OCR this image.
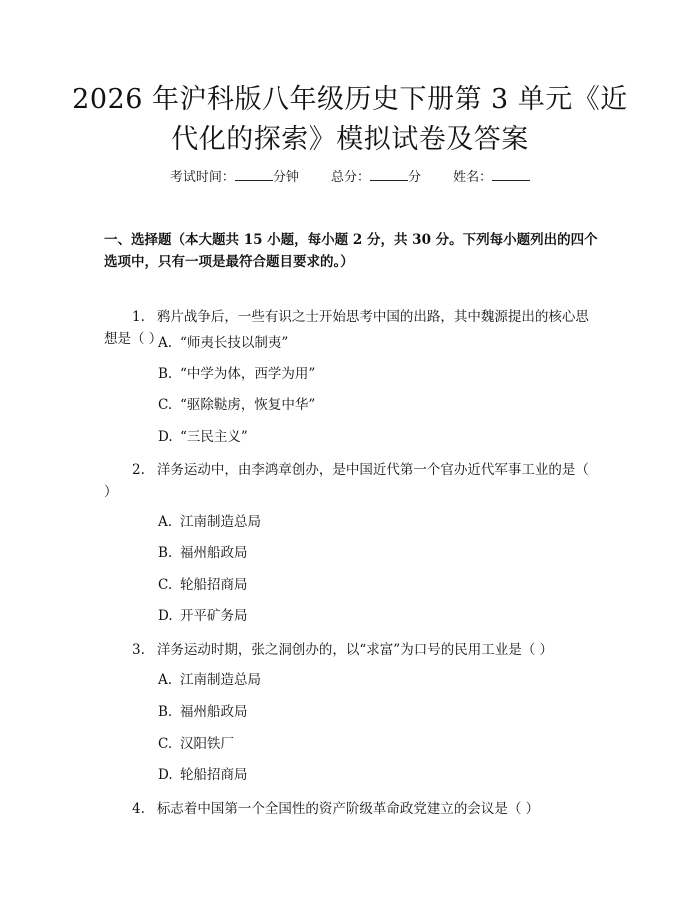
2026 年沪科版八年级历史下册第 3 单元《近
代化的探索》模拟试卷及答案
考试时间：	分钟 总分：	分 姓名：
一、选择题（本大题共 15 小题，每小题 2 分，共 30 分。下列每小题列出的四个选项中，只有一项是最符合题目要求的。）
1. 鸦片战争后，一些有识之士开始思考中国的出路，其中魏源提出的核心思想是（ ）
A. “师夷长技以制夷”
B. “中学为体，西学为用”
C. “驱除鞑虏，恢复中华”
D. “三民主义”
2. 洋务运动中，由李鸿章创办，是中国近代第一个官办近代军事工业的是（ ）
A. 江南制造总局
B. 福州船政局
C. 轮船招商局
D. 开平矿务局
3. 洋务运动时期，张之洞创办的，以“求富”为口号的民用工业是（ ）
A. 江南制造总局
B. 福州船政局
C. 汉阳铁厂
D. 轮船招商局
4. 标志着中国第一个全国性的资产阶级革命政党建立的会议是（ ）
